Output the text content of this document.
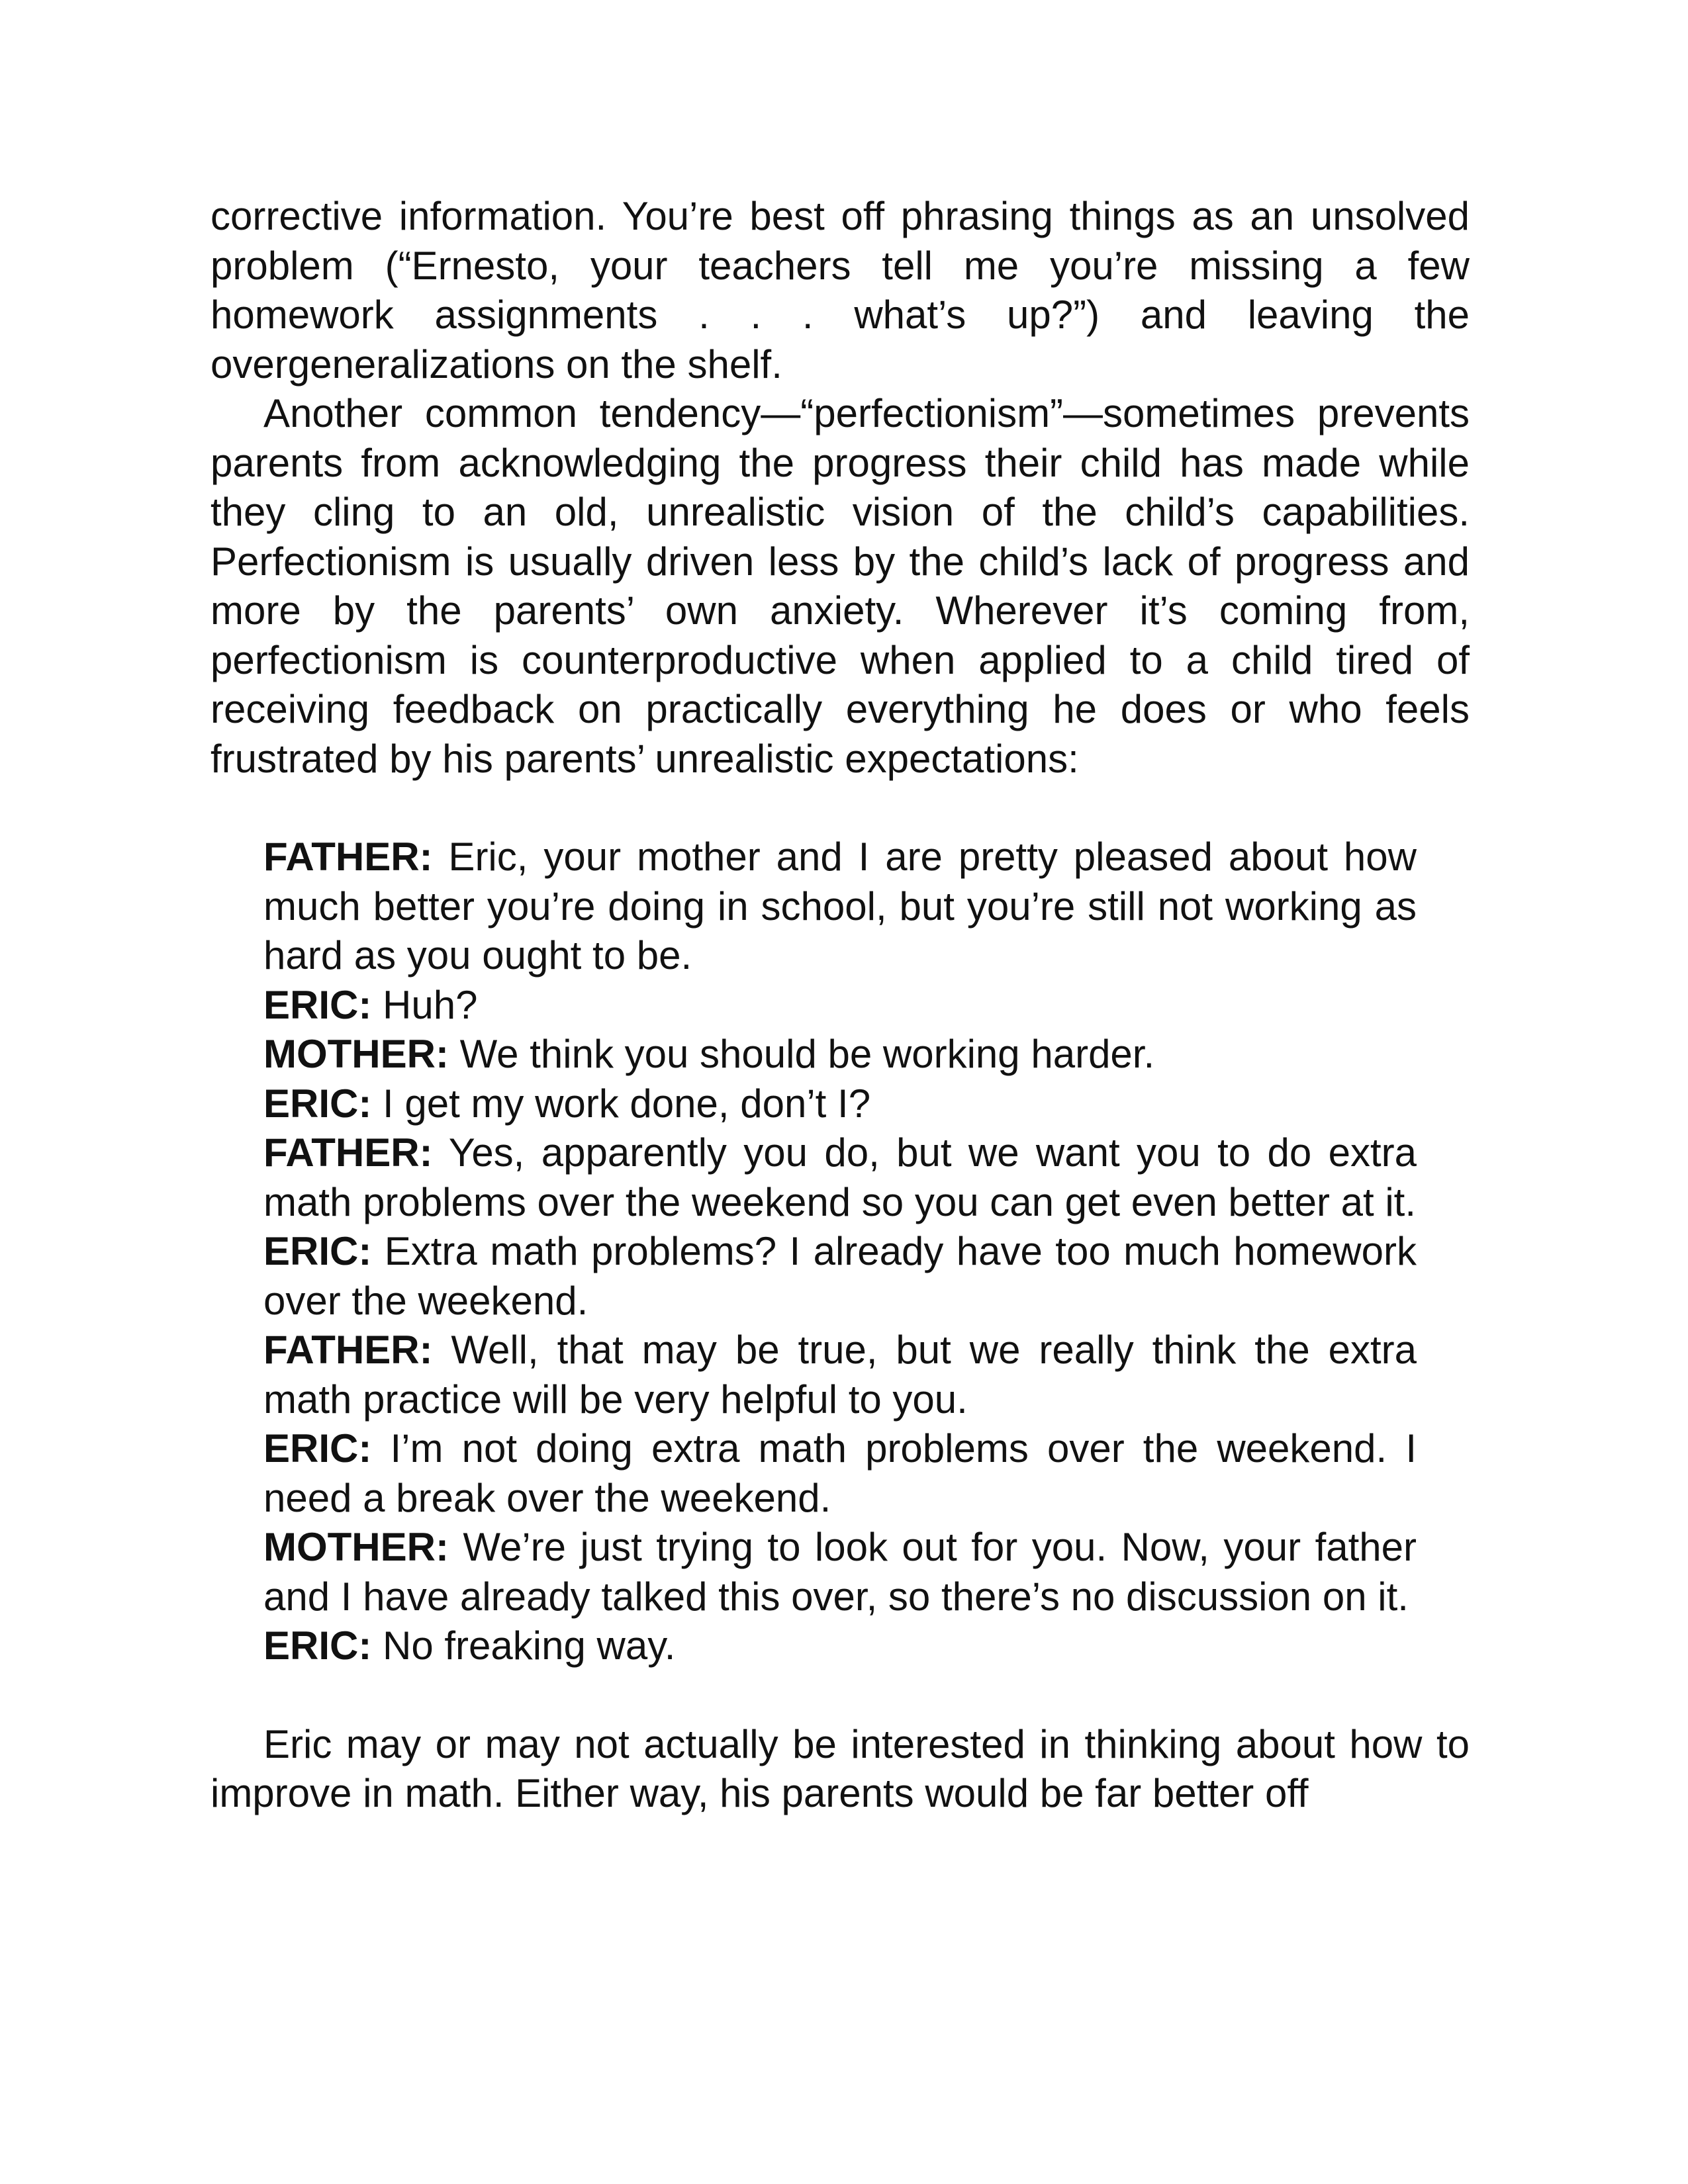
corrective information. You’re best off phrasing things as an unsolved problem (“Ernesto, your teachers tell me you’re missing a few homework assignments . . . what’s up?”) and leaving the overgeneralizations on the shelf.

Another common tendency—“perfectionism”—sometimes prevents parents from acknowledging the progress their child has made while they cling to an old, unrealistic vision of the child’s capabilities. Perfectionism is usually driven less by the child’s lack of progress and more by the parents’ own anxiety. Wherever it’s coming from, perfectionism is counterproductive when applied to a child tired of receiving feedback on practically everything he does or who feels frustrated by his parents’ unrealistic expectations:

FATHER: Eric, your mother and I are pretty pleased about how much better you’re doing in school, but you’re still not working as hard as you ought to be.

ERIC: Huh?

MOTHER: We think you should be working harder.

ERIC: I get my work done, don’t I?

FATHER: Yes, apparently you do, but we want you to do extra math problems over the weekend so you can get even better at it.

ERIC: Extra math problems? I already have too much homework over the weekend.

FATHER: Well, that may be true, but we really think the extra math practice will be very helpful to you.

ERIC: I’m not doing extra math problems over the weekend. I need a break over the weekend.

MOTHER: We’re just trying to look out for you. Now, your father and I have already talked this over, so there’s no discussion on it.

ERIC: No freaking way.

Eric may or may not actually be interested in thinking about how to improve in math. Either way, his parents would be far better off
